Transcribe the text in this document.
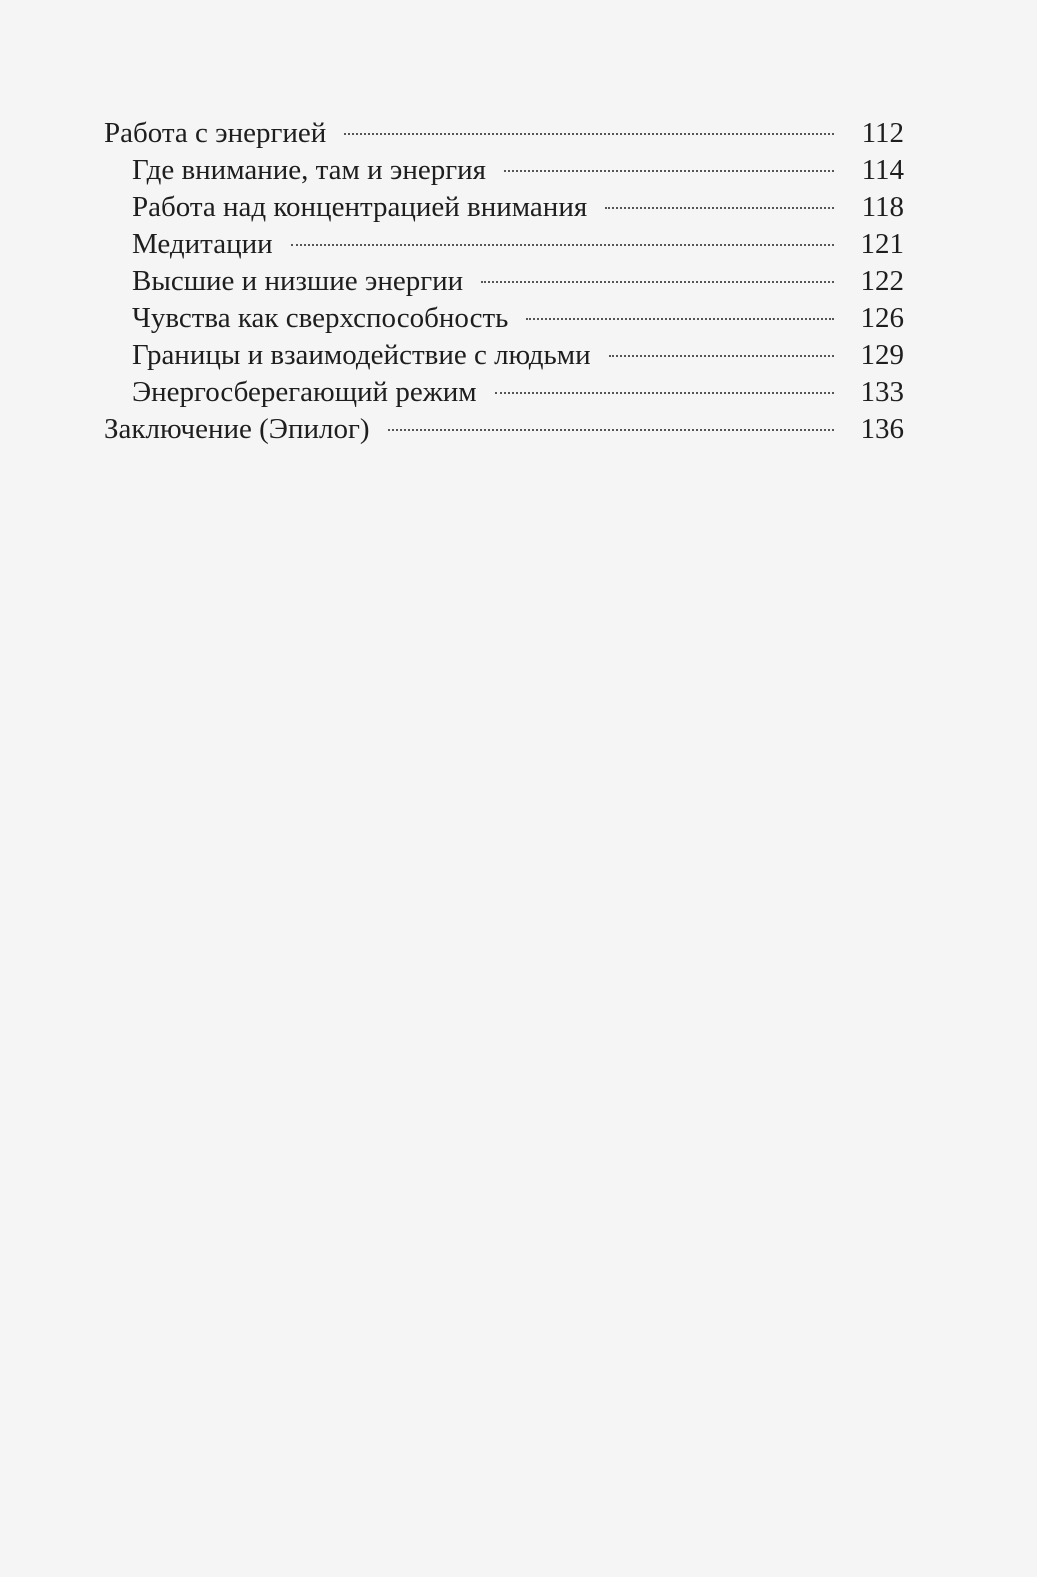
Работа с энергией	112
Где внимание, там и энергия	114
Работа над концентрацией внимания	118
Медитации	121
Высшие и низшие энергии	122
Чувства как сверхспособность	126
Границы и взаимодействие с людьми	129
Энергосберегающий режим	133
Заключение (Эпилог)	136
